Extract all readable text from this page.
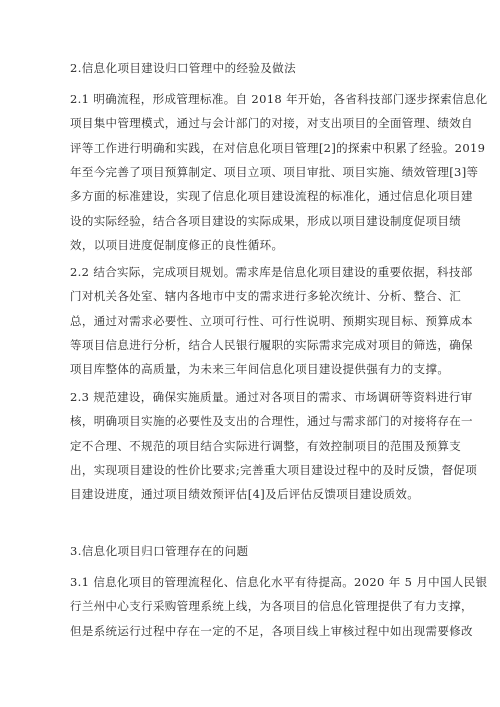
2.信息化项目建设归口管理中的经验及做法
2.1 明确流程，形成管理标准。自 2018 年开始，各省科技部门逐步探索信息化
项目集中管理模式，通过与会计部门的对接，对支出项目的全面管理、绩效自
评等工作进行明确和实践，在对信息化项目管理[2]的探索中积累了经验。2019
年至今完善了项目预算制定、项目立项、项目审批、项目实施、绩效管理[3]等
多方面的标准建设，实现了信息化项目建设流程的标准化，通过信息化项目建
设的实际经验，结合各项目建设的实际成果，形成以项目建设制度促项目绩
效，以项目进度促制度修正的良性循环。
2.2 结合实际，完成项目规划。需求库是信息化项目建设的重要依据，科技部
门对机关各处室、辖内各地市中支的需求进行多轮次统计、分析、整合、汇
总，通过对需求必要性、立项可行性、可行性说明、预期实现目标、预算成本
等项目信息进行分析，结合人民银行履职的实际需求完成对项目的筛选，确保
项目库整体的高质量，为未来三年间信息化项目建设提供强有力的支撑。
2.3 规范建设，确保实施质量。通过对各项目的需求、市场调研等资料进行审
核，明确项目实施的必要性及支出的合理性，通过与需求部门的对接将存在一
定不合理、不规范的项目结合实际进行调整，有效控制项目的范围及预算支
出，实现项目建设的性价比要求;完善重大项目建设过程中的及时反馈，督促项
目建设进度，通过项目绩效预评估[4]及后评估反馈项目建设质效。
3.信息化项目归口管理存在的问题
3.1 信息化项目的管理流程化、信息化水平有待提高。2020 年 5 月中国人民银
行兰州中心支行采购管理系统上线，为各项目的信息化管理提供了有力支撑，
但是系统运行过程中存在一定的不足，各项目线上审核过程中如出现需要修改
